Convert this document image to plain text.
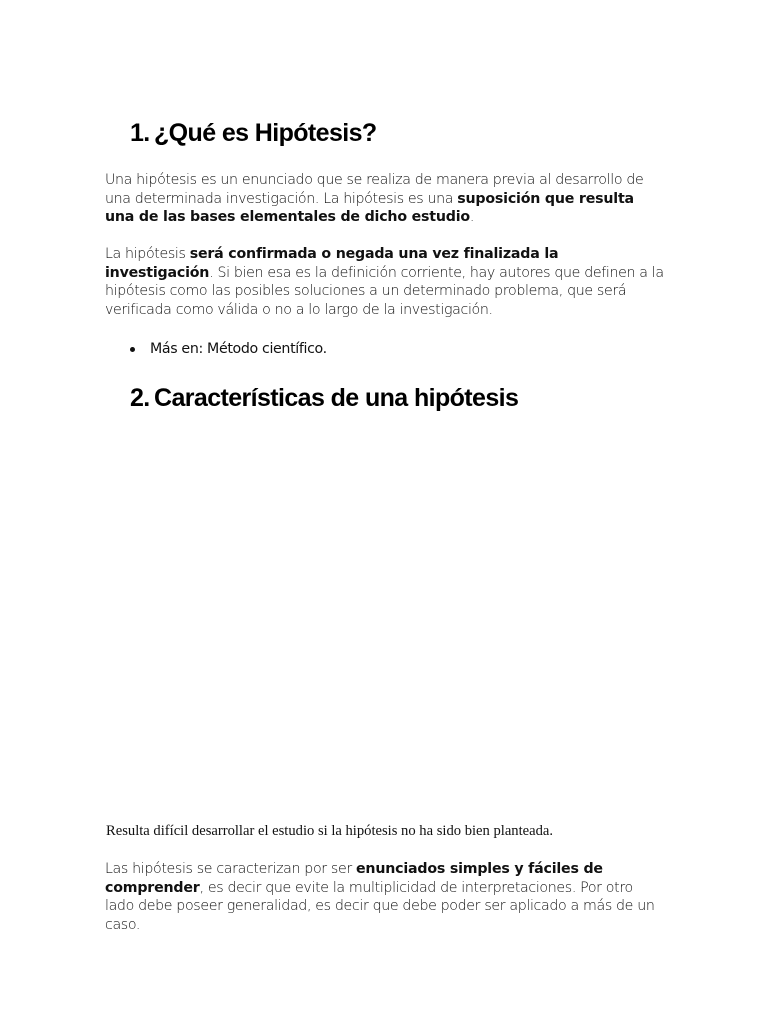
1. ¿Qué es Hipótesis?

Una hipótesis es un enunciado que se realiza de manera previa al desarrollo de una determinada investigación. La hipótesis es una suposición que resulta una de las bases elementales de dicho estudio.

La hipótesis será confirmada o negada una vez finalizada la investigación. Si bien esa es la definición corriente, hay autores que definen a la hipótesis como las posibles soluciones a un determinado problema, que será verificada como válida o no a lo largo de la investigación.

Más en: Método científico.
2. Características de una hipótesis

Resulta difícil desarrollar el estudio si la hipótesis no ha sido bien planteada.

Las hipótesis se caracterizan por ser enunciados simples y fáciles de comprender, es decir que evite la multiplicidad de interpretaciones. Por otro lado debe poseer generalidad, es decir que debe poder ser aplicado a más de un caso.
